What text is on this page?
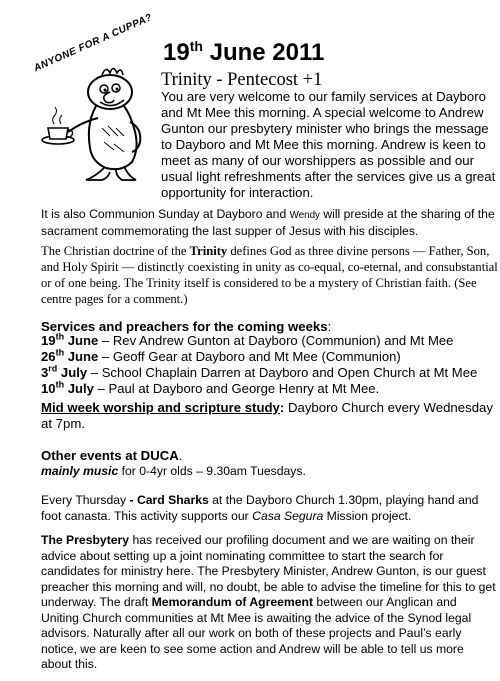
ANYONE FOR A CUPPA? 19th June 2011
Trinity - Pentecost +1
You are very welcome to our family services at Dayboro and Mt Mee this morning. A special welcome to Andrew Gunton our presbytery minister who brings the message to Dayboro and Mt Mee this morning. Andrew is keen to meet as many of our worshippers as possible and our usual light refreshments after the services give us a great opportunity for interaction.
It is also Communion Sunday at Dayboro and Wendy will preside at the sharing of the sacrament commemorating the last supper of Jesus with his disciples.
The Christian doctrine of the Trinity defines God as three divine persons — Father, Son, and Holy Spirit — distinctly coexisting in unity as co-equal, co-eternal, and consubstantial or of one being. The Trinity itself is considered to be a mystery of Christian faith. (See centre pages for a comment.)
Services and preachers for the coming weeks:
19th June – Rev Andrew Gunton at Dayboro (Communion) and Mt Mee
26th June – Geoff Gear at Dayboro and Mt Mee (Communion)
3rd July – School Chaplain Darren at Dayboro and Open Church at Mt Mee
10th July – Paul at Dayboro and George Henry at Mt Mee.
Mid week worship and scripture study: Dayboro Church every Wednesday at 7pm.
Other events at DUCA.
mainly music for 0-4yr olds – 9.30am Tuesdays.
Every Thursday - Card Sharks at the Dayboro Church 1.30pm, playing hand and foot canasta. This activity supports our Casa Segura Mission project.
The Presbytery has received our profiling document and we are waiting on their advice about setting up a joint nominating committee to start the search for candidates for ministry here. The Presbytery Minister, Andrew Gunton, is our guest preacher this morning and will, no doubt, be able to advise the timeline for this to get underway. The draft Memorandum of Agreement between our Anglican and Uniting Church communities at Mt Mee is awaiting the advice of the Synod legal advisors. Naturally after all our work on both of these projects and Paul’s early notice, we are keen to see some action and Andrew will be able to tell us more about this.
